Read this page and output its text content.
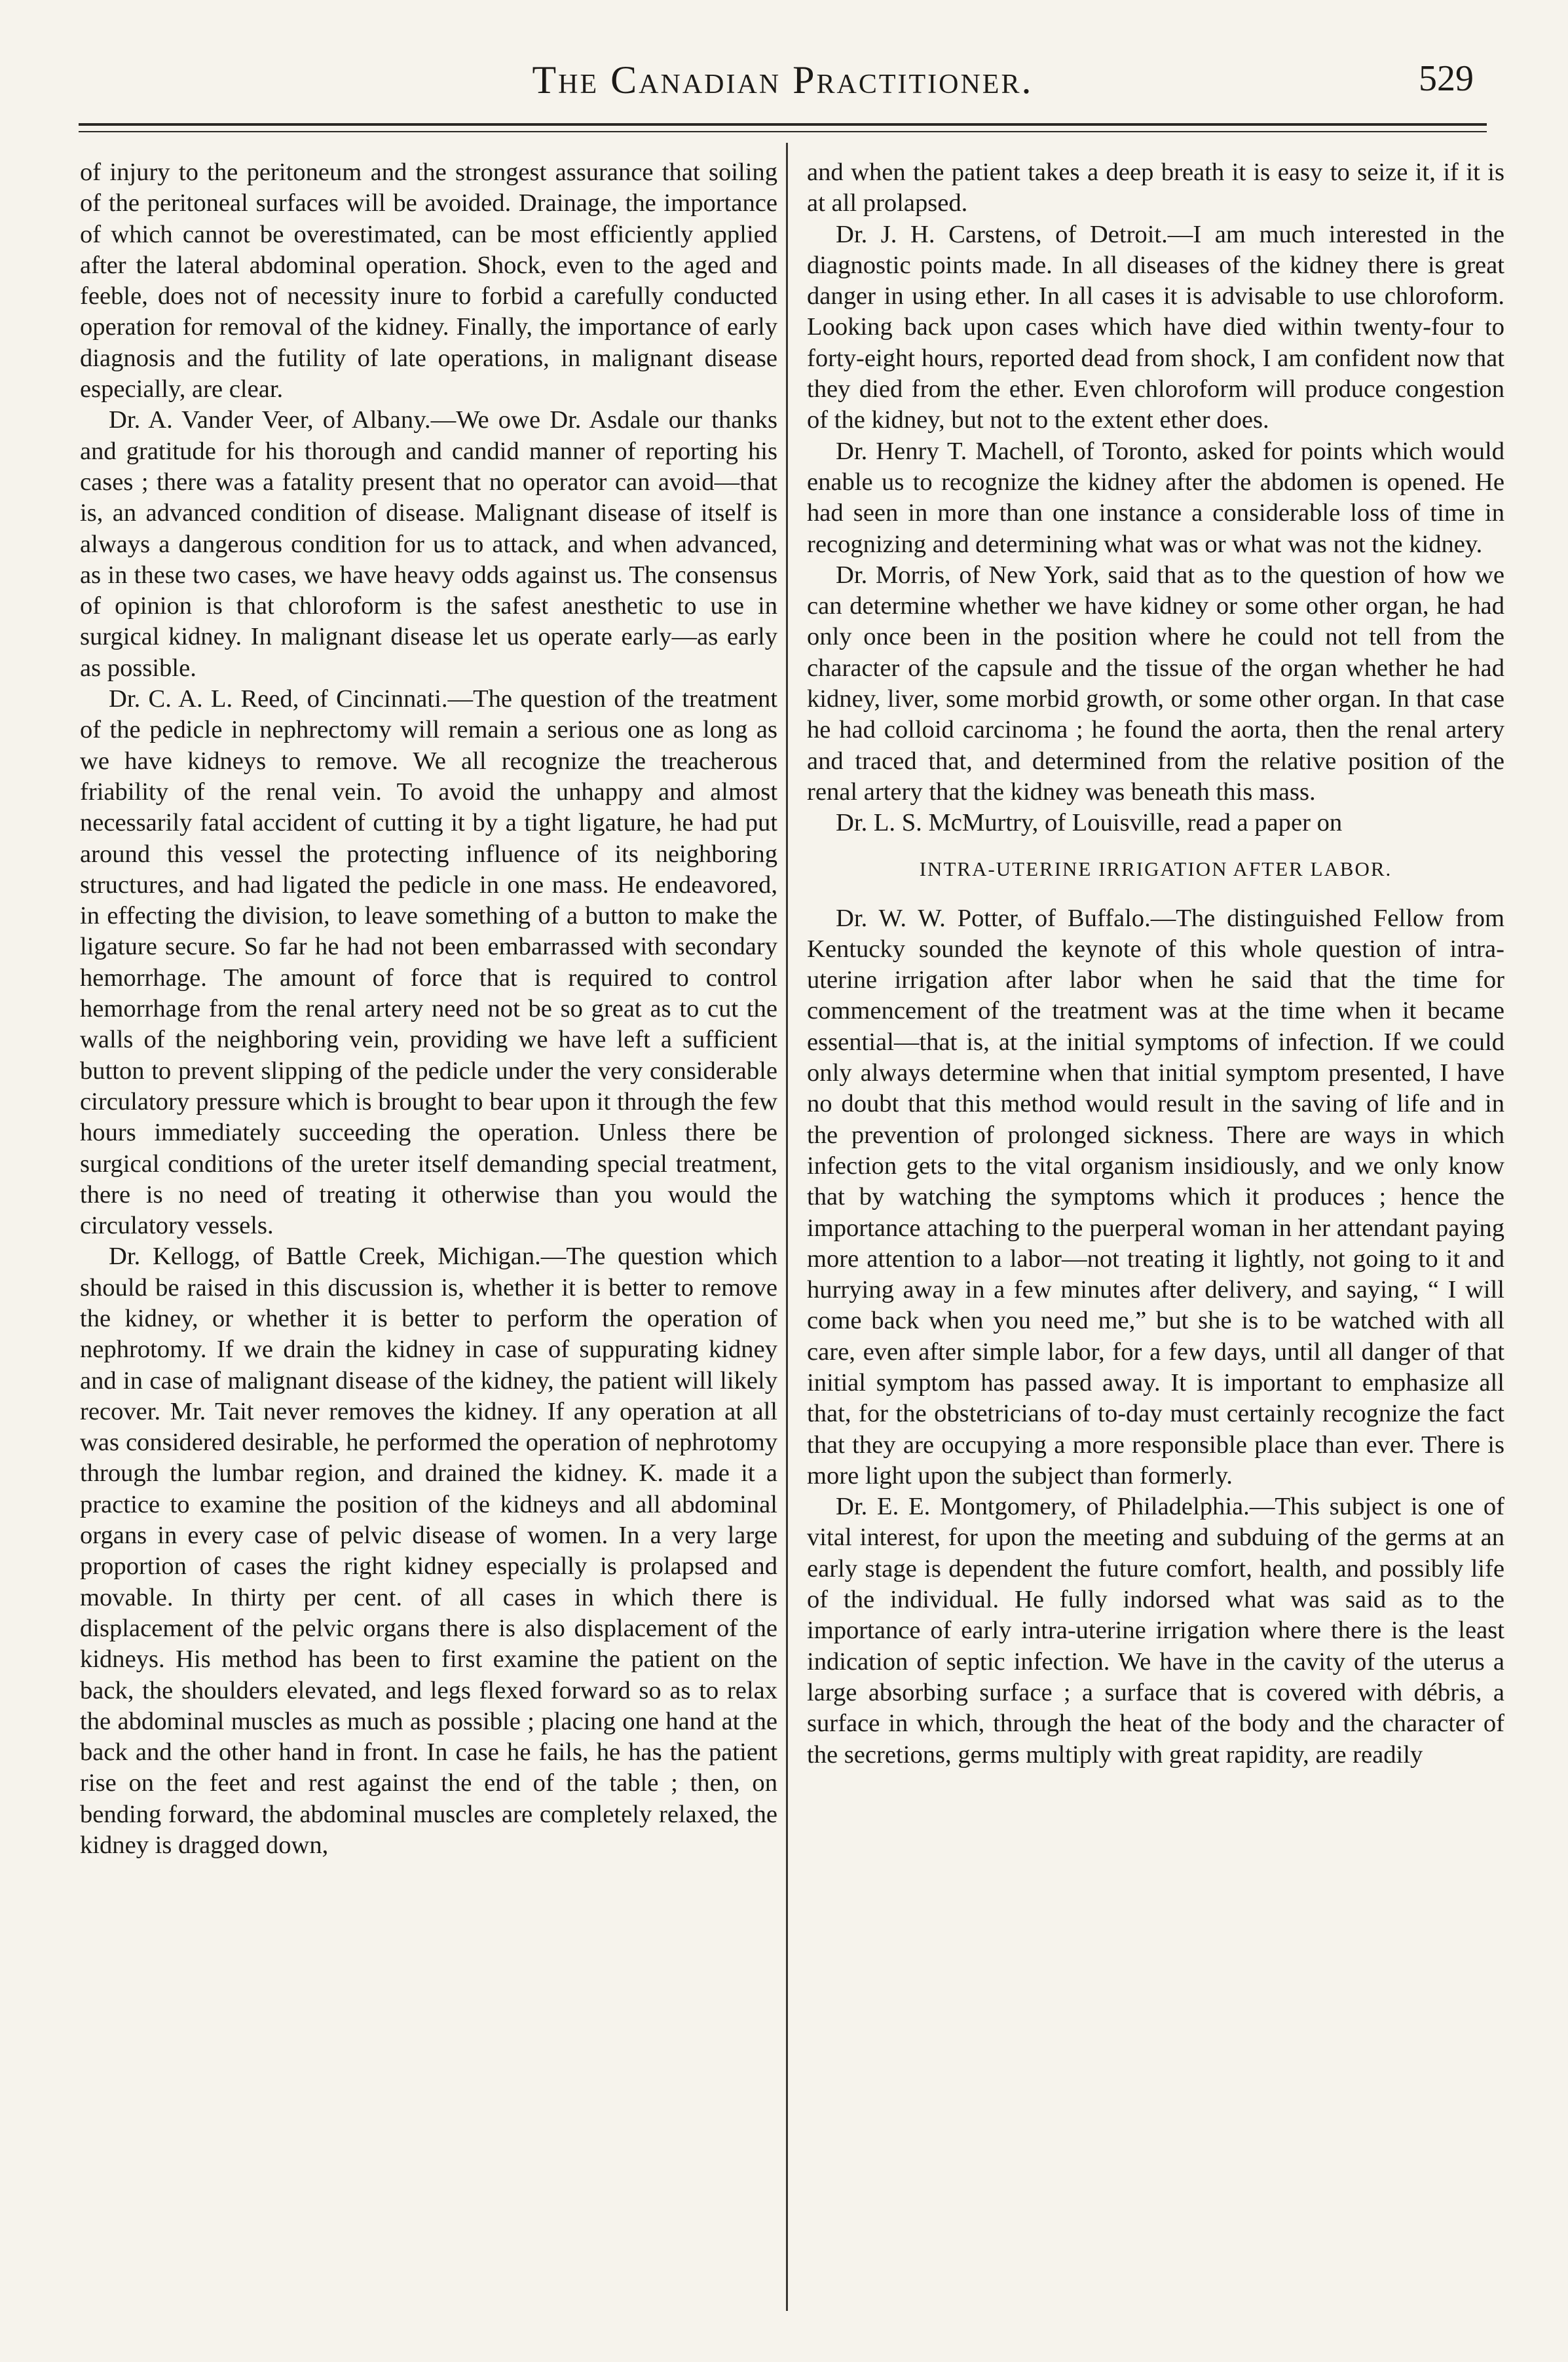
The Canadian Practitioner.	529

of injury to the peritoneum and the strongest assurance that soiling of the peritoneal surfaces will be avoided. Drainage, the importance of which cannot be overestimated, can be most efficiently applied after the lateral abdominal operation. Shock, even to the aged and feeble, does not of necessity inure to forbid a carefully conducted operation for removal of the kidney. Finally, the importance of early diagnosis and the futility of late operations, in malignant disease especially, are clear.

Dr. A. Vander Veer, of Albany.—We owe Dr. Asdale our thanks and gratitude for his thorough and candid manner of reporting his cases ; there was a fatality present that no operator can avoid—that is, an advanced condition of disease. Malignant disease of itself is always a dangerous condition for us to attack, and when advanced, as in these two cases, we have heavy odds against us. The consensus of opinion is that chloroform is the safest anesthetic to use in surgical kidney. In malignant disease let us operate early—as early as possible.

Dr. C. A. L. Reed, of Cincinnati.—The question of the treatment of the pedicle in nephrectomy will remain a serious one as long as we have kidneys to remove. We all recognize the treacherous friability of the renal vein. To avoid the unhappy and almost necessarily fatal accident of cutting it by a tight ligature, he had put around this vessel the protecting influence of its neighboring structures, and had ligated the pedicle in one mass. He endeavored, in effecting the division, to leave something of a button to make the ligature secure. So far he had not been embarrassed with secondary hemorrhage. The amount of force that is required to control hemorrhage from the renal artery need not be so great as to cut the walls of the neighboring vein, providing we have left a sufficient button to prevent slipping of the pedicle under the very considerable circulatory pressure which is brought to bear upon it through the few hours immediately succeeding the operation. Unless there be surgical conditions of the ureter itself demanding special treatment, there is no need of treating it otherwise than you would the circulatory vessels.

Dr. Kellogg, of Battle Creek, Michigan.—The question which should be raised in this discussion is, whether it is better to remove the kidney, or whether it is better to perform the operation of nephrotomy. If we drain the kidney in case of suppurating kidney and in case of malignant disease of the kidney, the patient will likely recover. Mr. Tait never removes the kidney. If any operation at all was considered desirable, he performed the operation of nephrotomy through the lumbar region, and drained the kidney. K. made it a practice to examine the position of the kidneys and all abdominal organs in every case of pelvic disease of women. In a very large proportion of cases the right kidney especially is prolapsed and movable. In thirty per cent. of all cases in which there is displacement of the pelvic organs there is also displacement of the kidneys. His method has been to first examine the patient on the back, the shoulders elevated, and legs flexed forward so as to relax the abdominal muscles as much as possible ; placing one hand at the back and the other hand in front. In case he fails, he has the patient rise on the feet and rest against the end of the table ; then, on bending forward, the abdominal muscles are completely relaxed, the kidney is dragged down,

and when the patient takes a deep breath it is easy to seize it, if it is at all prolapsed.

Dr. J. H. Carstens, of Detroit.—I am much interested in the diagnostic points made. In all diseases of the kidney there is great danger in using ether. In all cases it is advisable to use chloroform. Looking back upon cases which have died within twenty-four to forty-eight hours, reported dead from shock, I am confident now that they died from the ether. Even chloroform will produce congestion of the kidney, but not to the extent ether does.

Dr. Henry T. Machell, of Toronto, asked for points which would enable us to recognize the kidney after the abdomen is opened. He had seen in more than one instance a considerable loss of time in recognizing and determining what was or what was not the kidney.

Dr. Morris, of New York, said that as to the question of how we can determine whether we have kidney or some other organ, he had only once been in the position where he could not tell from the character of the capsule and the tissue of the organ whether he had kidney, liver, some morbid growth, or some other organ. In that case he had colloid carcinoma ; he found the aorta, then the renal artery and traced that, and determined from the relative position of the renal artery that the kidney was beneath this mass.

Dr. L. S. McMurtry, of Louisville, read a paper on

INTRA-UTERINE IRRIGATION AFTER LABOR.

Dr. W. W. Potter, of Buffalo.—The distinguished Fellow from Kentucky sounded the keynote of this whole question of intra-uterine irrigation after labor when he said that the time for commencement of the treatment was at the time when it became essential—that is, at the initial symptoms of infection. If we could only always determine when that initial symptom presented, I have no doubt that this method would result in the saving of life and in the prevention of prolonged sickness. There are ways in which infection gets to the vital organism insidiously, and we only know that by watching the symptoms which it produces ; hence the importance attaching to the puerperal woman in her attendant paying more attention to a labor—not treating it lightly, not going to it and hurrying away in a few minutes after delivery, and saying, “ I will come back when you need me,” but she is to be watched with all care, even after simple labor, for a few days, until all danger of that initial symptom has passed away. It is important to emphasize all that, for the obstetricians of to-day must certainly recognize the fact that they are occupying a more responsible place than ever. There is more light upon the subject than formerly.

Dr. E. E. Montgomery, of Philadelphia.—This subject is one of vital interest, for upon the meeting and subduing of the germs at an early stage is dependent the future comfort, health, and possibly life of the individual. He fully indorsed what was said as to the importance of early intra-uterine irrigation where there is the least indication of septic infection. We have in the cavity of the uterus a large absorbing surface ; a surface that is covered with débris, a surface in which, through the heat of the body and the character of the secretions, germs multiply with great rapidity, are readily
